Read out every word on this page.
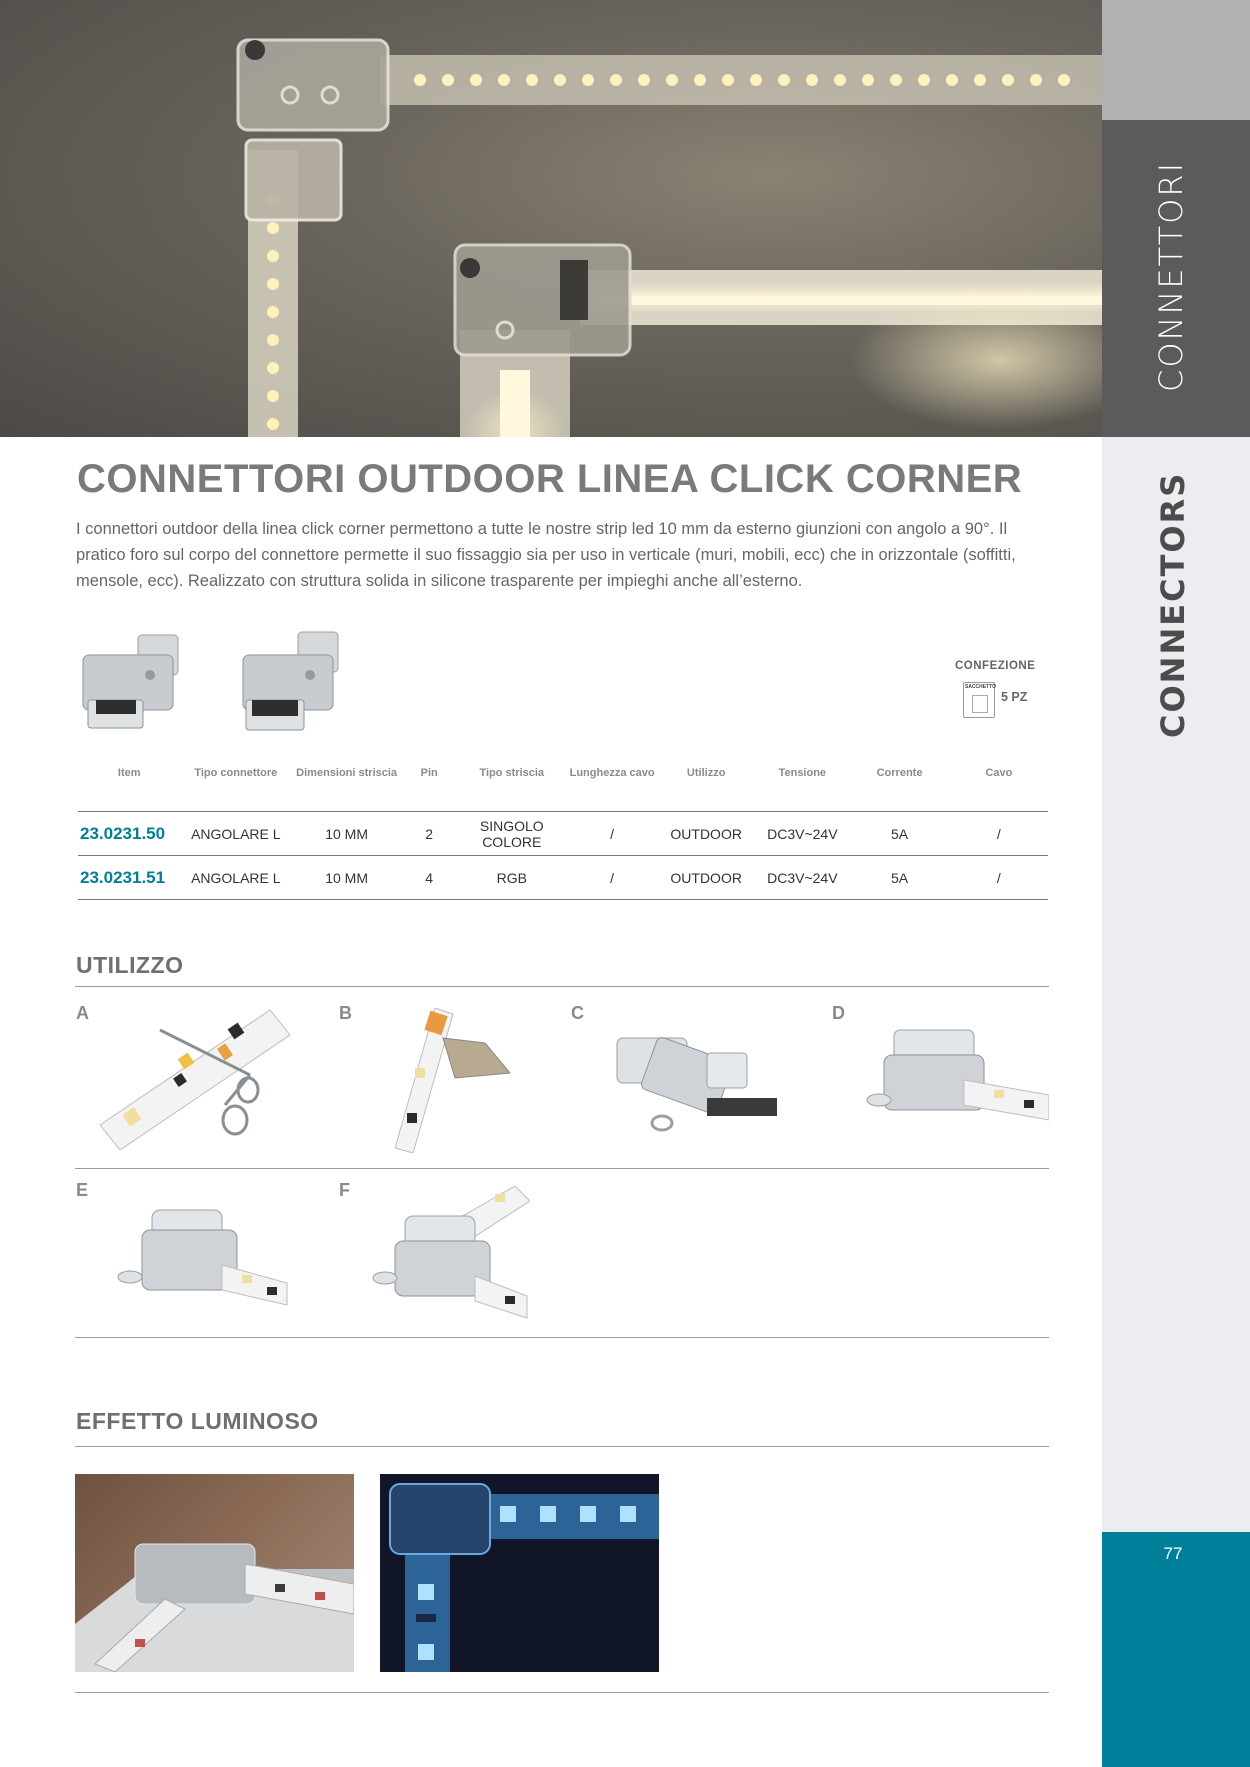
CONNETTORI
CONNECTORS
77
CONNETTORI OUTDOOR LINEA CLICK CORNER
I connettori outdoor della linea click corner permettono a tutte le nostre strip led 10 mm da esterno giunzioni con angolo a 90°. Il pratico foro sul corpo del connettore permette il suo fissaggio sia per uso in verticale (muri, mobili, ecc) che in orizzontale (soffitti, mensole, ecc). Realizzato con struttura solida in silicone trasparente per impieghi anche all’esterno.
CONFEZIONE
SACCHETTO
5 PZ
Item	Tipo connettore	Dimensioni striscia	Pin	Tipo striscia	Lunghezza cavo	Utilizzo	Tensione	Corrente	Cavo
23.0231.50	ANGOLARE L	10 MM	2	SINGOLO COLORE	/	OUTDOOR	DC3V~24V	5A	/
23.0231.51	ANGOLARE L	10 MM	4	RGB	/	OUTDOOR	DC3V~24V	5A	/
UTILIZZO
A	B	C	D
E	F
EFFETTO LUMINOSO
